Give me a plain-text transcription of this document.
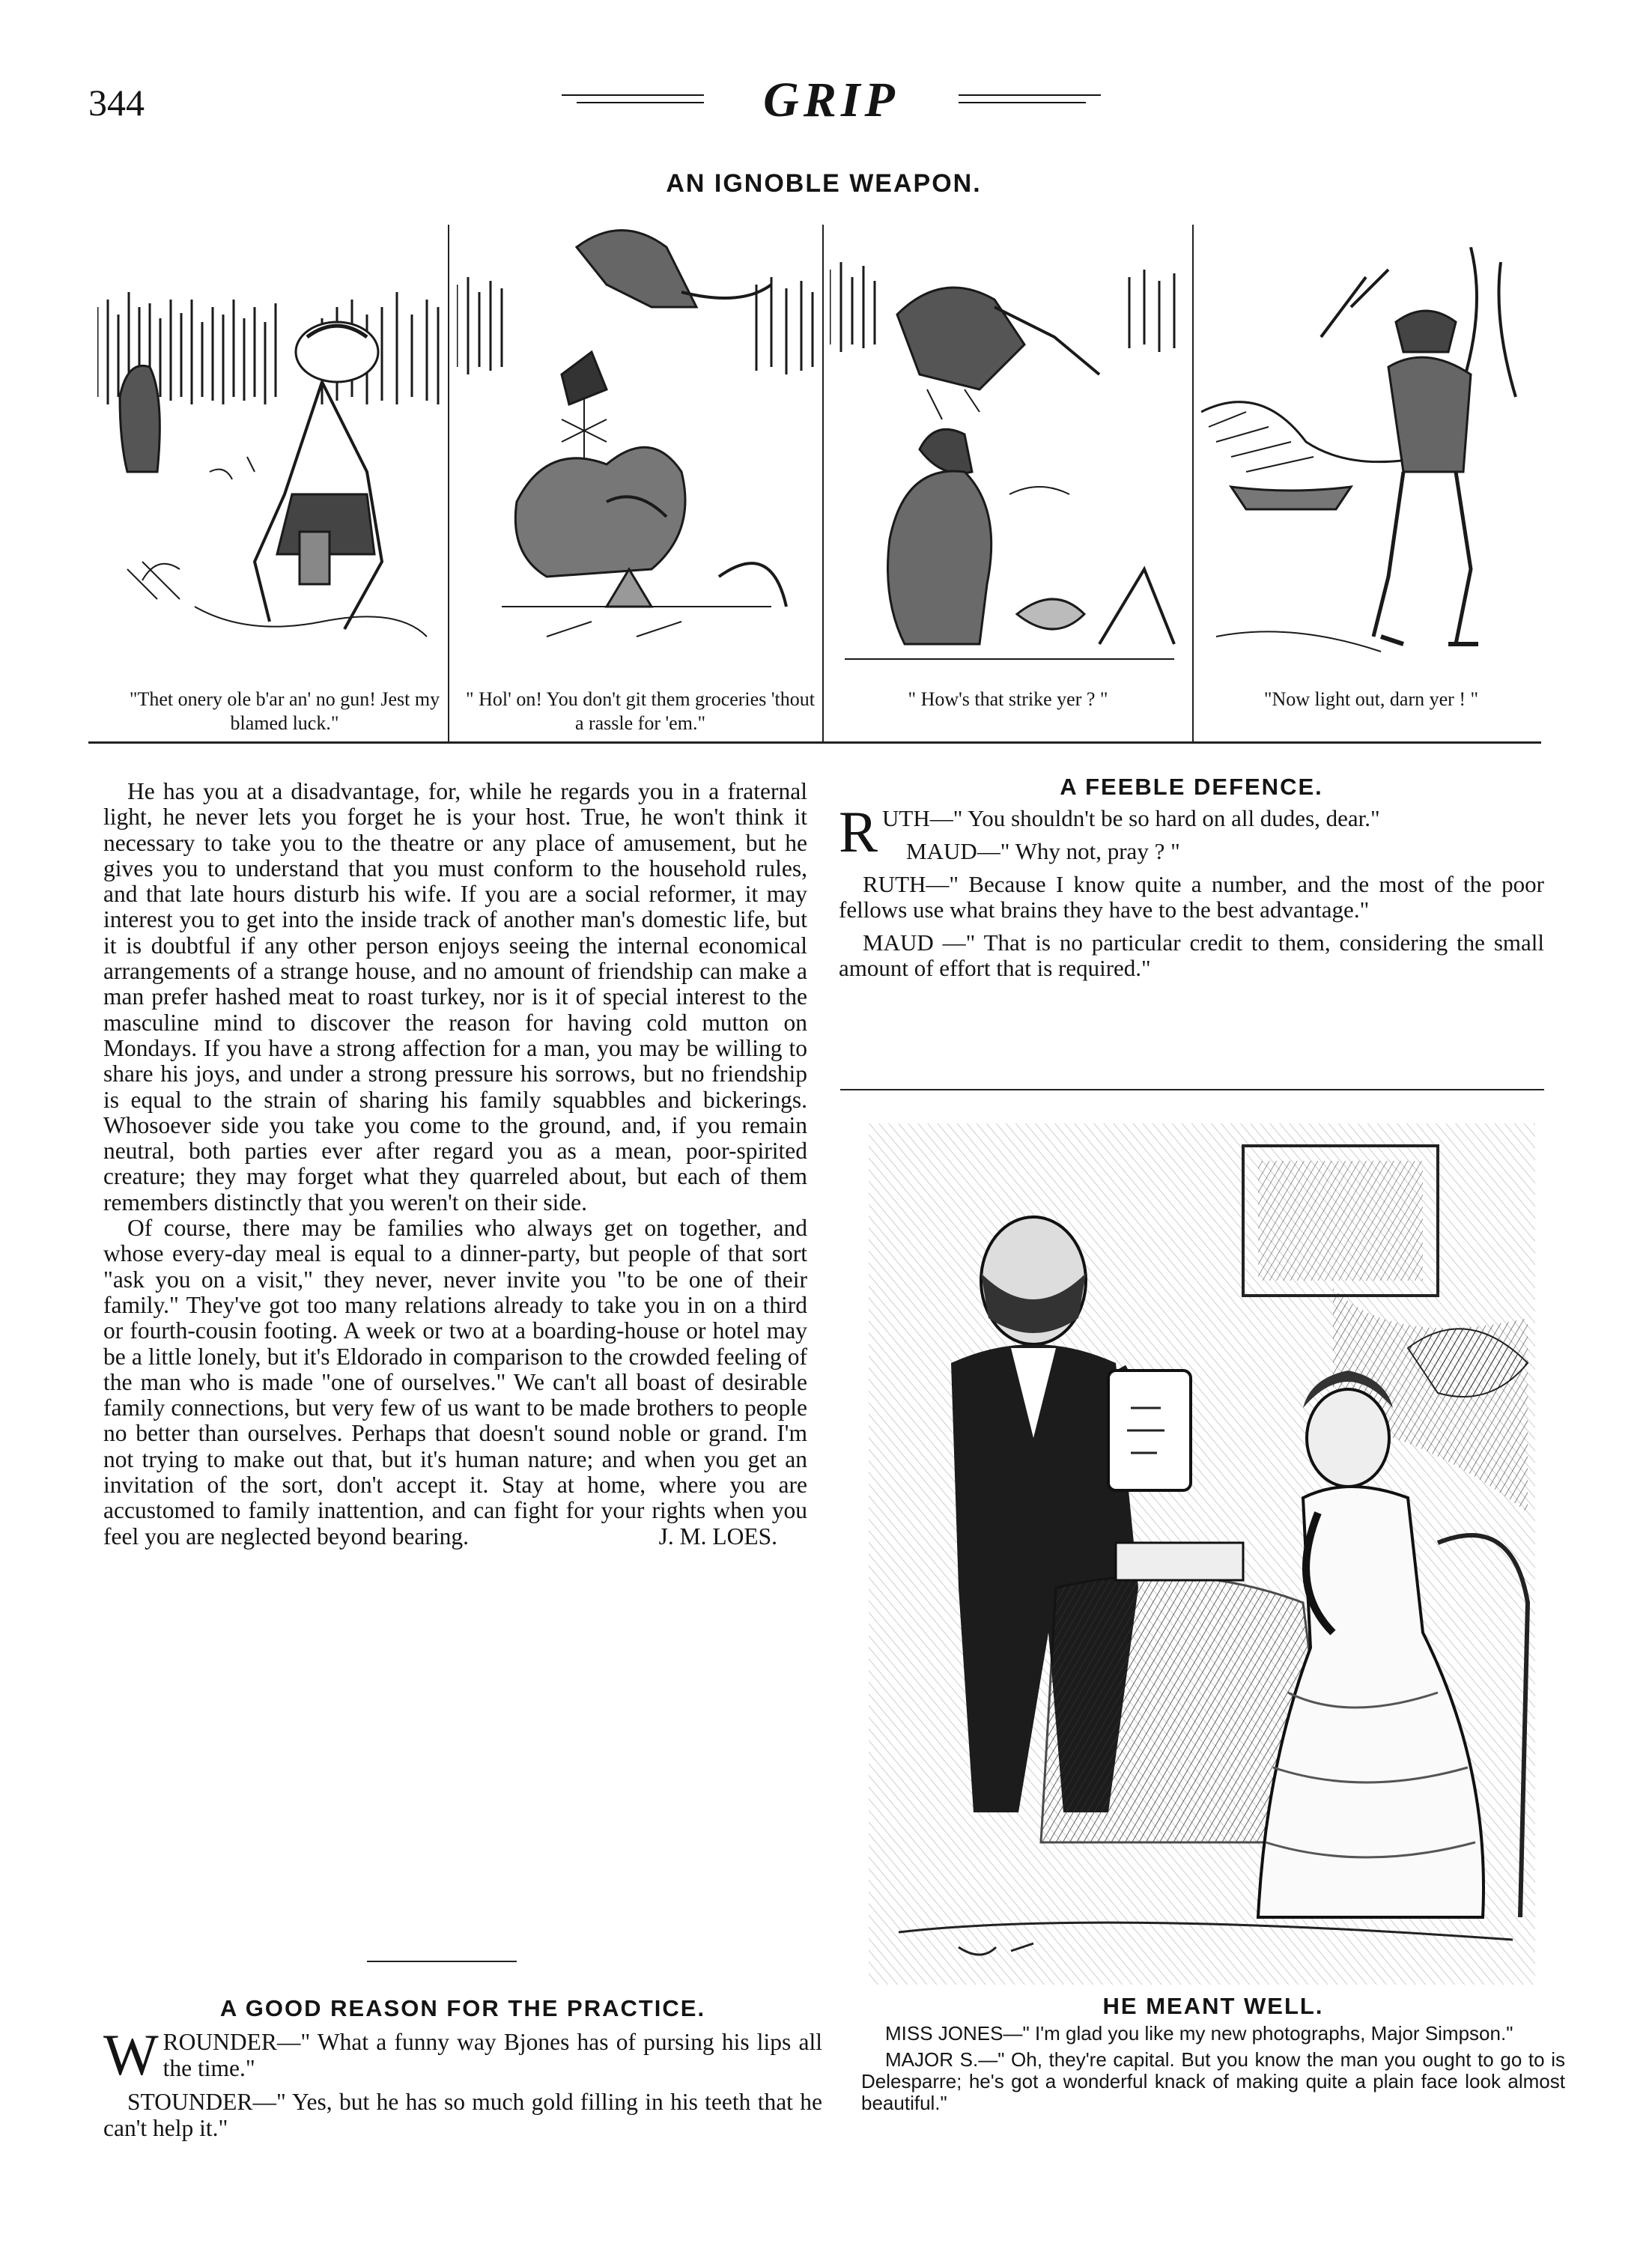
344	GRIP
AN IGNOBLE WEAPON.
"Thet onery ole b'ar an' no gun! Jest my blamed luck."
" Hol' on! You don't git them groceries 'thout a rassle for 'em."
" How's that strike yer ? "	"Now light out, darn yer ! "

He has you at a disadvantage, for, while he regards you in a fraternal light, he never lets you forget he is your host. True, he won't think it necessary to take you to the theatre or any place of amusement, but he gives you to understand that you must conform to the household rules, and that late hours disturb his wife. If you are a social reformer, it may interest you to get into the inside track of another man's domestic life, but it is doubtful if any other person enjoys seeing the internal economical arrangements of a strange house, and no amount of friendship can make a man prefer hashed meat to roast turkey, nor is it of special interest to the masculine mind to discover the reason for having cold mutton on Mondays. If you have a strong affection for a man, you may be willing to share his joys, and under a strong pressure his sorrows, but no friendship is equal to the strain of sharing his family squabbles and bickerings. Whosoever side you take you come to the ground, and, if you remain neutral, both parties ever after regard you as a mean, poor-spirited creature; they may forget what they quarreled about, but each of them remembers distinctly that you weren't on their side.

Of course, there may be families who always get on together, and whose every-day meal is equal to a dinner-party, but people of that sort "ask you on a visit," they never, never invite you "to be one of their family." They've got too many relations already to take you in on a third or fourth-cousin footing. A week or two at a boarding-house or hotel may be a little lonely, but it's Eldorado in comparison to the crowded feeling of the man who is made "one of ourselves." We can't all boast of desirable family connections, but very few of us want to be made brothers to people no better than ourselves. Perhaps that doesn't sound noble or grand. I'm not trying to make out that, but it's human nature; and when you get an invitation of the sort, don't accept it. Stay at home, where you are accustomed to family inattention, and can fight for your rights when you feel you are neglected beyond bearing.	J. M. LOES.

A FEEBLE DEFENCE.

RUTH—" You shouldn't be so hard on all dudes, dear."

MAUD—" Why not, pray ? "

RUTH—" Because I know quite a number, and the most of the poor fellows use what brains they have to the best advantage."

MAUD —" That is no particular credit to them, considering the small amount of effort that is required."

A GOOD REASON FOR THE PRACTICE.

WROUNDER—" What a funny way Bjones has of pursing his lips all the time."

STOUNDER—" Yes, but he has so much gold filling in his teeth that he can't help it."

HE MEANT WELL.

MISS JONES—" I'm glad you like my new photographs, Major Simpson."

MAJOR S.—" Oh, they're capital. But you know the man you ought to go to is Delesparre; he's got a wonderful knack of making quite a plain face look almost beautiful."
